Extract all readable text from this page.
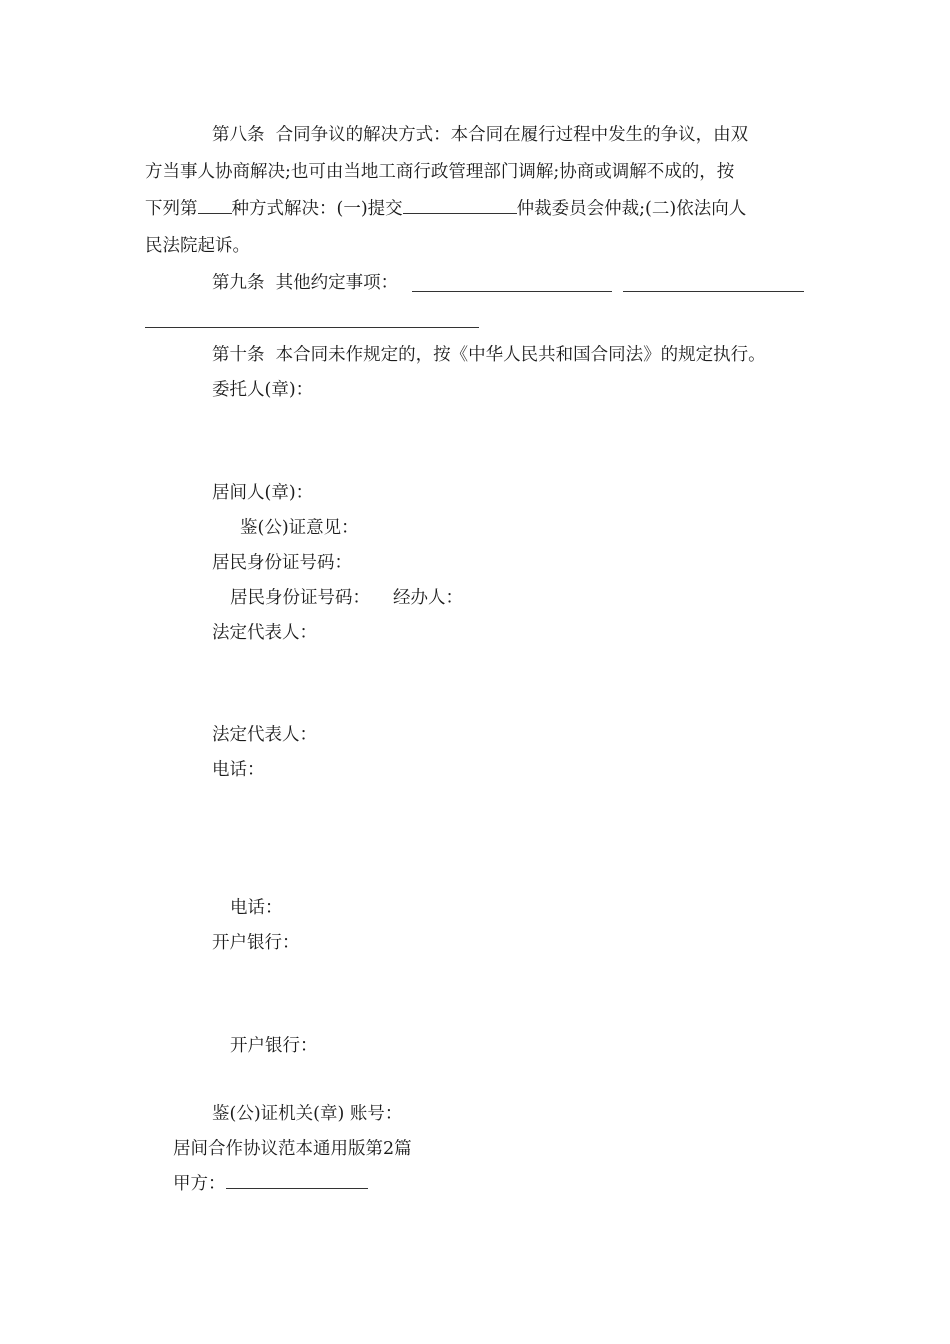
第八条 合同争议的解决方式：本合同在履行过程中发生的争议，由双
方当事人协商解决;也可由当地工商行政管理部门调解;协商或调解不成的，按
下列第 种方式解决：(一)提交	仲裁委员会仲裁;(二)依法向人
民法院起诉。
第九条 其他约定事项：
第十条 本合同未作规定的，按《中华人民共和国合同法》的规定执行。
委托人(章)：
居间人(章)：
鉴(公)证意见：
居民身份证号码：
居民身份证号码： 经办人：
法定代表人：
法定代表人：
电话：
电话：
开户银行：
开户银行：
鉴(公)证机关(章) 账号：
居间合作协议范本通用版第2篇
甲方：
